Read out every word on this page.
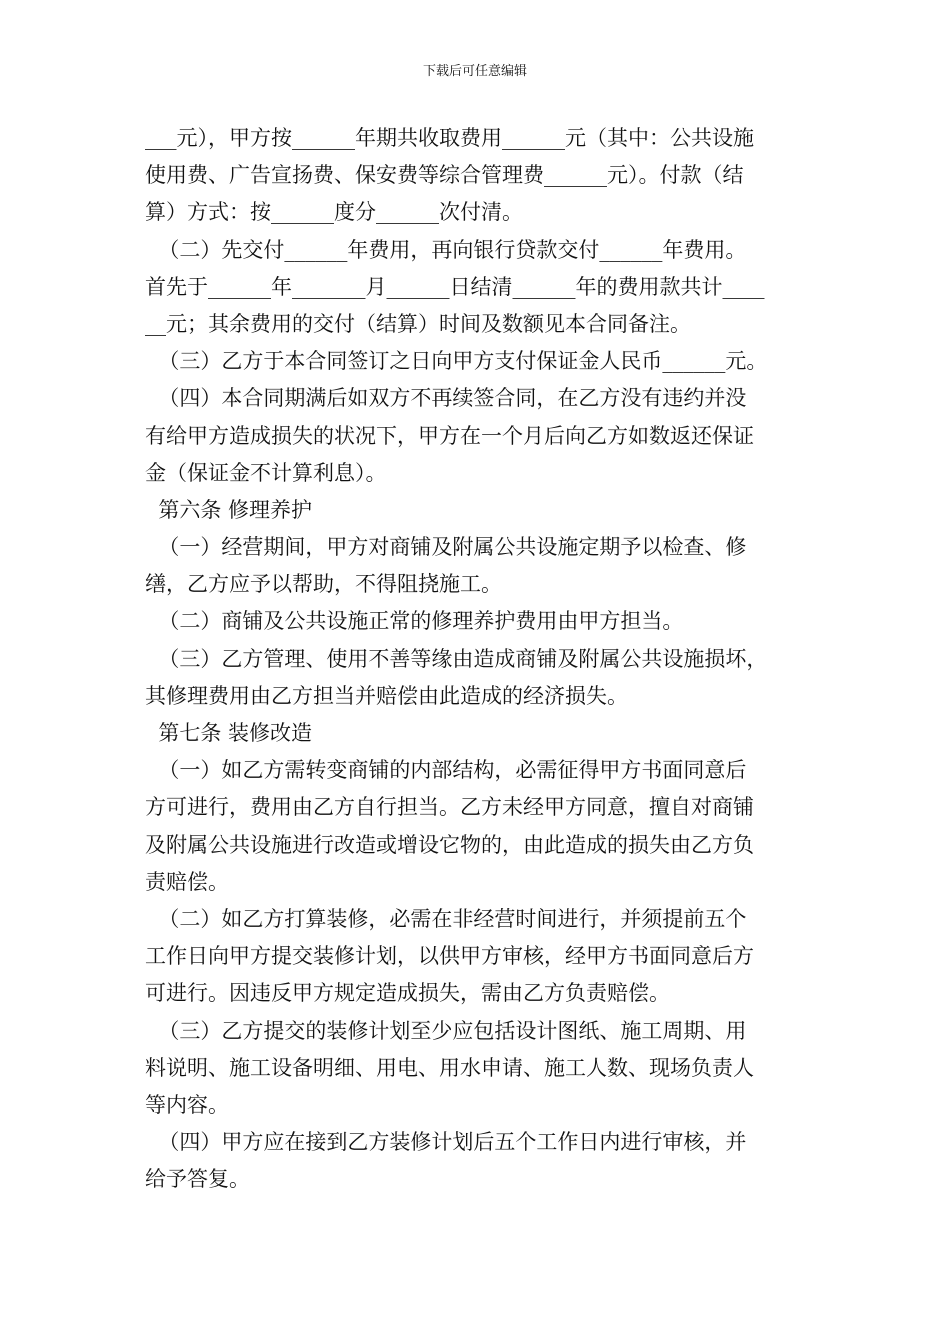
下载后可任意编辑
___元），甲方按______年期共收取费用______元（其中：公共设施
使用费、广告宣扬费、保安费等综合管理费______元）。付款（结
算）方式：按______度分______次付清。
（二）先交付______年费用，再向银行贷款交付______年费用。
首先于______年_______月______日结清______年的费用款共计____
__元；其余费用的交付（结算）时间及数额见本合同备注。
（三）乙方于本合同签订之日向甲方支付保证金人民币______元。
（四）本合同期满后如双方不再续签合同，在乙方没有违约并没
有给甲方造成损失的状况下，甲方在一个月后向乙方如数返还保证
金（保证金不计算利息）。
第六条 修理养护
（一）经营期间，甲方对商铺及附属公共设施定期予以检查、修
缮，乙方应予以帮助，不得阻挠施工。
（二）商铺及公共设施正常的修理养护费用由甲方担当。
（三）乙方管理、使用不善等缘由造成商铺及附属公共设施损坏，
其修理费用由乙方担当并赔偿由此造成的经济损失。
第七条 装修改造
（一）如乙方需转变商铺的内部结构，必需征得甲方书面同意后
方可进行，费用由乙方自行担当。乙方未经甲方同意，擅自对商铺
及附属公共设施进行改造或增设它物的，由此造成的损失由乙方负
责赔偿。
（二）如乙方打算装修，必需在非经营时间进行，并须提前五个
工作日向甲方提交装修计划，以供甲方审核，经甲方书面同意后方
可进行。因违反甲方规定造成损失，需由乙方负责赔偿。
（三）乙方提交的装修计划至少应包括设计图纸、施工周期、用
料说明、施工设备明细、用电、用水申请、施工人数、现场负责人
等内容。
（四）甲方应在接到乙方装修计划后五个工作日内进行审核，并
给予答复。
